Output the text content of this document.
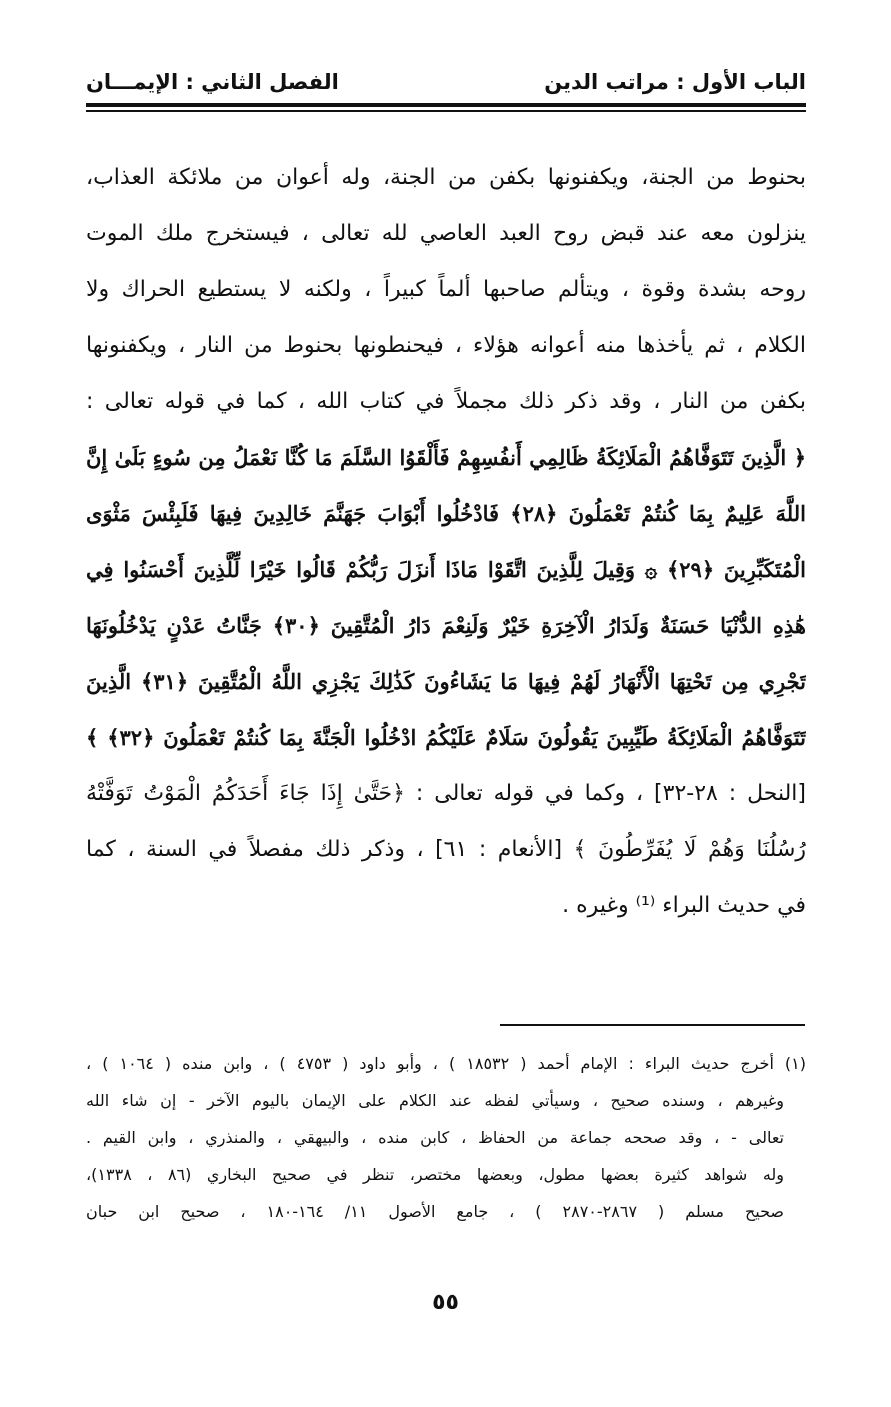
الباب الأول : مراتب الدين
الفصل الثاني : الإيمـــان
بحنوط من الجنة، ويكفنونها بكفن من الجنة، وله أعوان من ملائكة العذاب،
ينزلون معه عند قبض روح العبد العاصي لله تعالى ، فيستخرج ملك الموت
روحه بشدة وقوة ، ويتألم صاحبها ألماً كبيراً ، ولكنه لا يستطيع الحراك ولا
الكلام ، ثم يأخذها منه أعوانه هؤلاء ، فيحنطونها بحنوط من النار ، ويكفنونها
بكفن من النار ، وقد ذكر ذلك مجملاً في كتاب الله ، كما في قوله تعالى :
﴿ الَّذِينَ تَتَوَفَّاهُمُ الْمَلَائِكَةُ ظَالِمِي أَنفُسِهِمْ فَأَلْقَوُا السَّلَمَ مَا كُنَّا نَعْمَلُ مِن سُوءٍ بَلَىٰ إِنَّ
اللَّهَ عَلِيمٌ بِمَا كُنتُمْ تَعْمَلُونَ ﴿٢٨﴾ فَادْخُلُوا أَبْوَابَ جَهَنَّمَ خَالِدِينَ فِيهَا فَلَبِئْسَ مَثْوَى
الْمُتَكَبِّرِينَ ﴿٢٩﴾ ۞ وَقِيلَ لِلَّذِينَ اتَّقَوْا مَاذَا أَنزَلَ رَبُّكُمْ قَالُوا خَيْرًا لِّلَّذِينَ أَحْسَنُوا فِي
هَٰذِهِ الدُّنْيَا حَسَنَةٌ وَلَدَارُ الْآخِرَةِ خَيْرٌ وَلَنِعْمَ دَارُ الْمُتَّقِينَ ﴿٣٠﴾ جَنَّاتُ عَدْنٍ يَدْخُلُونَهَا
تَجْرِي مِن تَحْتِهَا الْأَنْهَارُ لَهُمْ فِيهَا مَا يَشَاءُونَ كَذَٰلِكَ يَجْزِي اللَّهُ الْمُتَّقِينَ ﴿٣١﴾ الَّذِينَ
تَتَوَفَّاهُمُ الْمَلَائِكَةُ طَيِّبِينَ يَقُولُونَ سَلَامٌ عَلَيْكُمُ ادْخُلُوا الْجَنَّةَ بِمَا كُنتُمْ تَعْمَلُونَ ﴿٣٢﴾ ﴾
[النحل : ٢٨-٣٢] ، وكما في قوله تعالى : ﴿حَتَّىٰ إِذَا جَاءَ أَحَدَكُمُ الْمَوْتُ تَوَفَّتْهُ
رُسُلُنَا وَهُمْ لَا يُفَرِّطُونَ ﴾ [الأنعام : ٦١] ، وذكر ذلك مفصلاً في السنة ، كما
في حديث البراء ⁽¹⁾ وغيره .
(١) أخرج حديث البراء : الإمام أحمد ( ١٨٥٣٢ ) ، وأبو داود ( ٤٧٥٣ ) ، وابن منده ( ١٠٦٤ ) ،
وغيرهم ، وسنده صحيح ، وسيأتي لفظه عند الكلام على الإيمان باليوم الآخر - إن شاء الله
تعالى - ، وقد صححه جماعة من الحفاظ ، كابن منده ، والبيهقي ، والمنذري ، وابن القيم .
وله شواهد كثيرة بعضها مطول، وبعضها مختصر، تنظر في صحيح البخاري (٨٦ ، ١٣٣٨)،
صحيح مسلم ( ٢٨٦٧-٢٨٧٠ ) ، جامع الأصول ١١/ ١٦٤-١٨٠ ، صحيح ابن حبان
٥٥
